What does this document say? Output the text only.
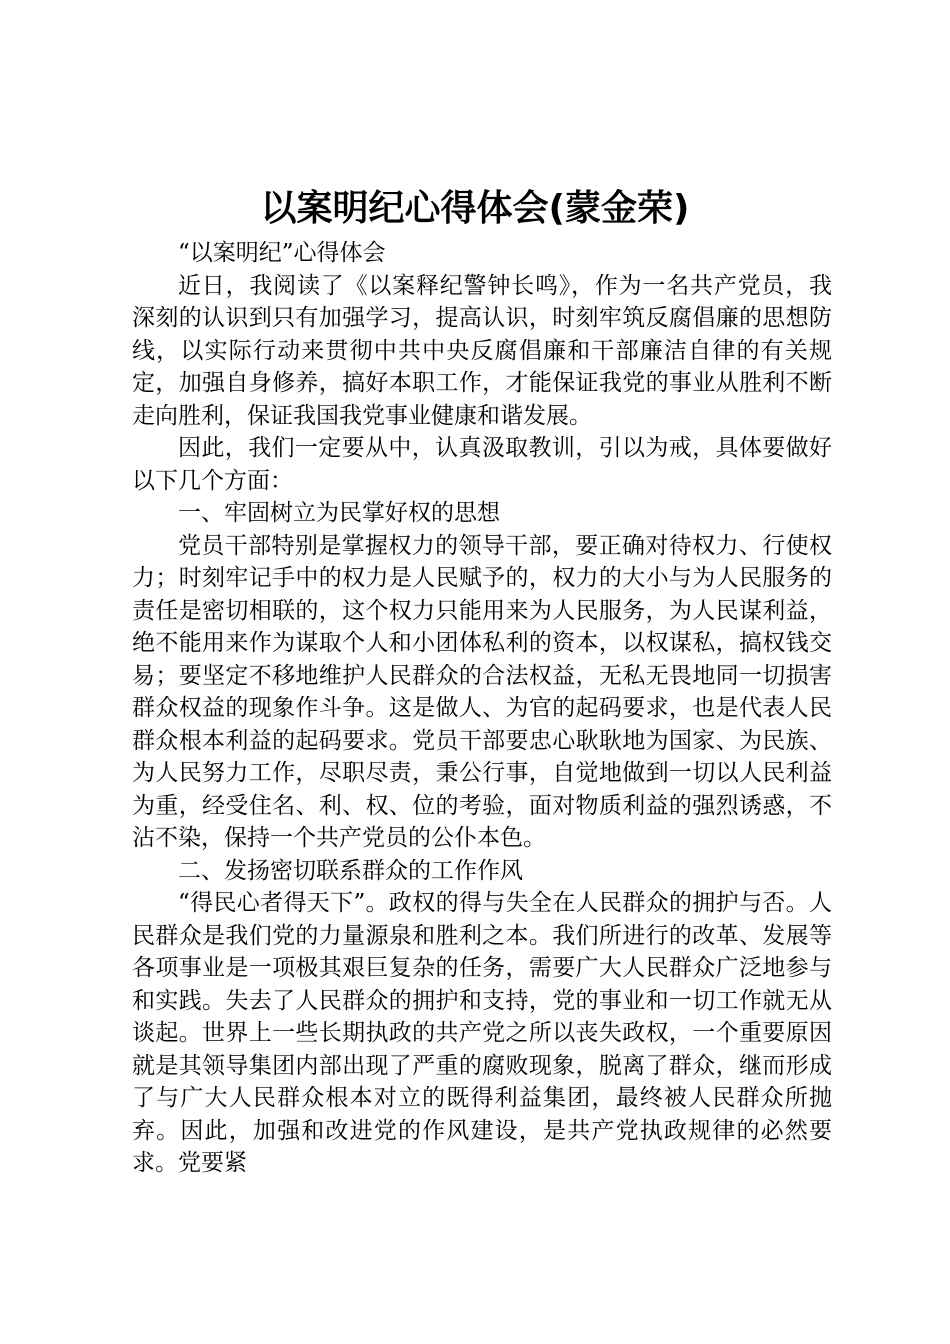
以案明纪心得体会(蒙金荣)

“以案明纪”心得体会

近日，我阅读了《以案释纪警钟长鸣》，作为一名共产党员，我深刻的认识到只有加强学习，提高认识，时刻牢筑反腐倡廉的思想防线，以实际行动来贯彻中共中央反腐倡廉和干部廉洁自律的有关规定，加强自身修养，搞好本职工作，才能保证我党的事业从胜利不断走向胜利，保证我国我党事业健康和谐发展。

因此，我们一定要从中，认真汲取教训，引以为戒，具体要做好以下几个方面：

一、牢固树立为民掌好权的思想

党员干部特别是掌握权力的领导干部，要正确对待权力、行使权力；时刻牢记手中的权力是人民赋予的，权力的大小与为人民服务的责任是密切相联的，这个权力只能用来为人民服务，为人民谋利益，绝不能用来作为谋取个人和小团体私利的资本，以权谋私，搞权钱交易；要坚定不移地维护人民群众的合法权益，无私无畏地同一切损害群众权益的现象作斗争。这是做人、为官的起码要求，也是代表人民群众根本利益的起码要求。党员干部要忠心耿耿地为国家、为民族、为人民努力工作，尽职尽责，秉公行事，自觉地做到一切以人民利益为重，经受住名、利、权、位的考验，面对物质利益的强烈诱惑，不沾不染，保持一个共产党员的公仆本色。

二、发扬密切联系群众的工作作风

“得民心者得天下”。政权的得与失全在人民群众的拥护与否。人民群众是我们党的力量源泉和胜利之本。我们所进行的改革、发展等各项事业是一项极其艰巨复杂的任务，需要广大人民群众广泛地参与和实践。失去了人民群众的拥护和支持，党的事业和一切工作就无从谈起。世界上一些长期执政的共产党之所以丧失政权，一个重要原因就是其领导集团内部出现了严重的腐败现象，脱离了群众，继而形成了与广大人民群众根本对立的既得利益集团，最终被人民群众所抛弃。因此，加强和改进党的作风建设，是共产党执政规律的必然要求。党要紧
